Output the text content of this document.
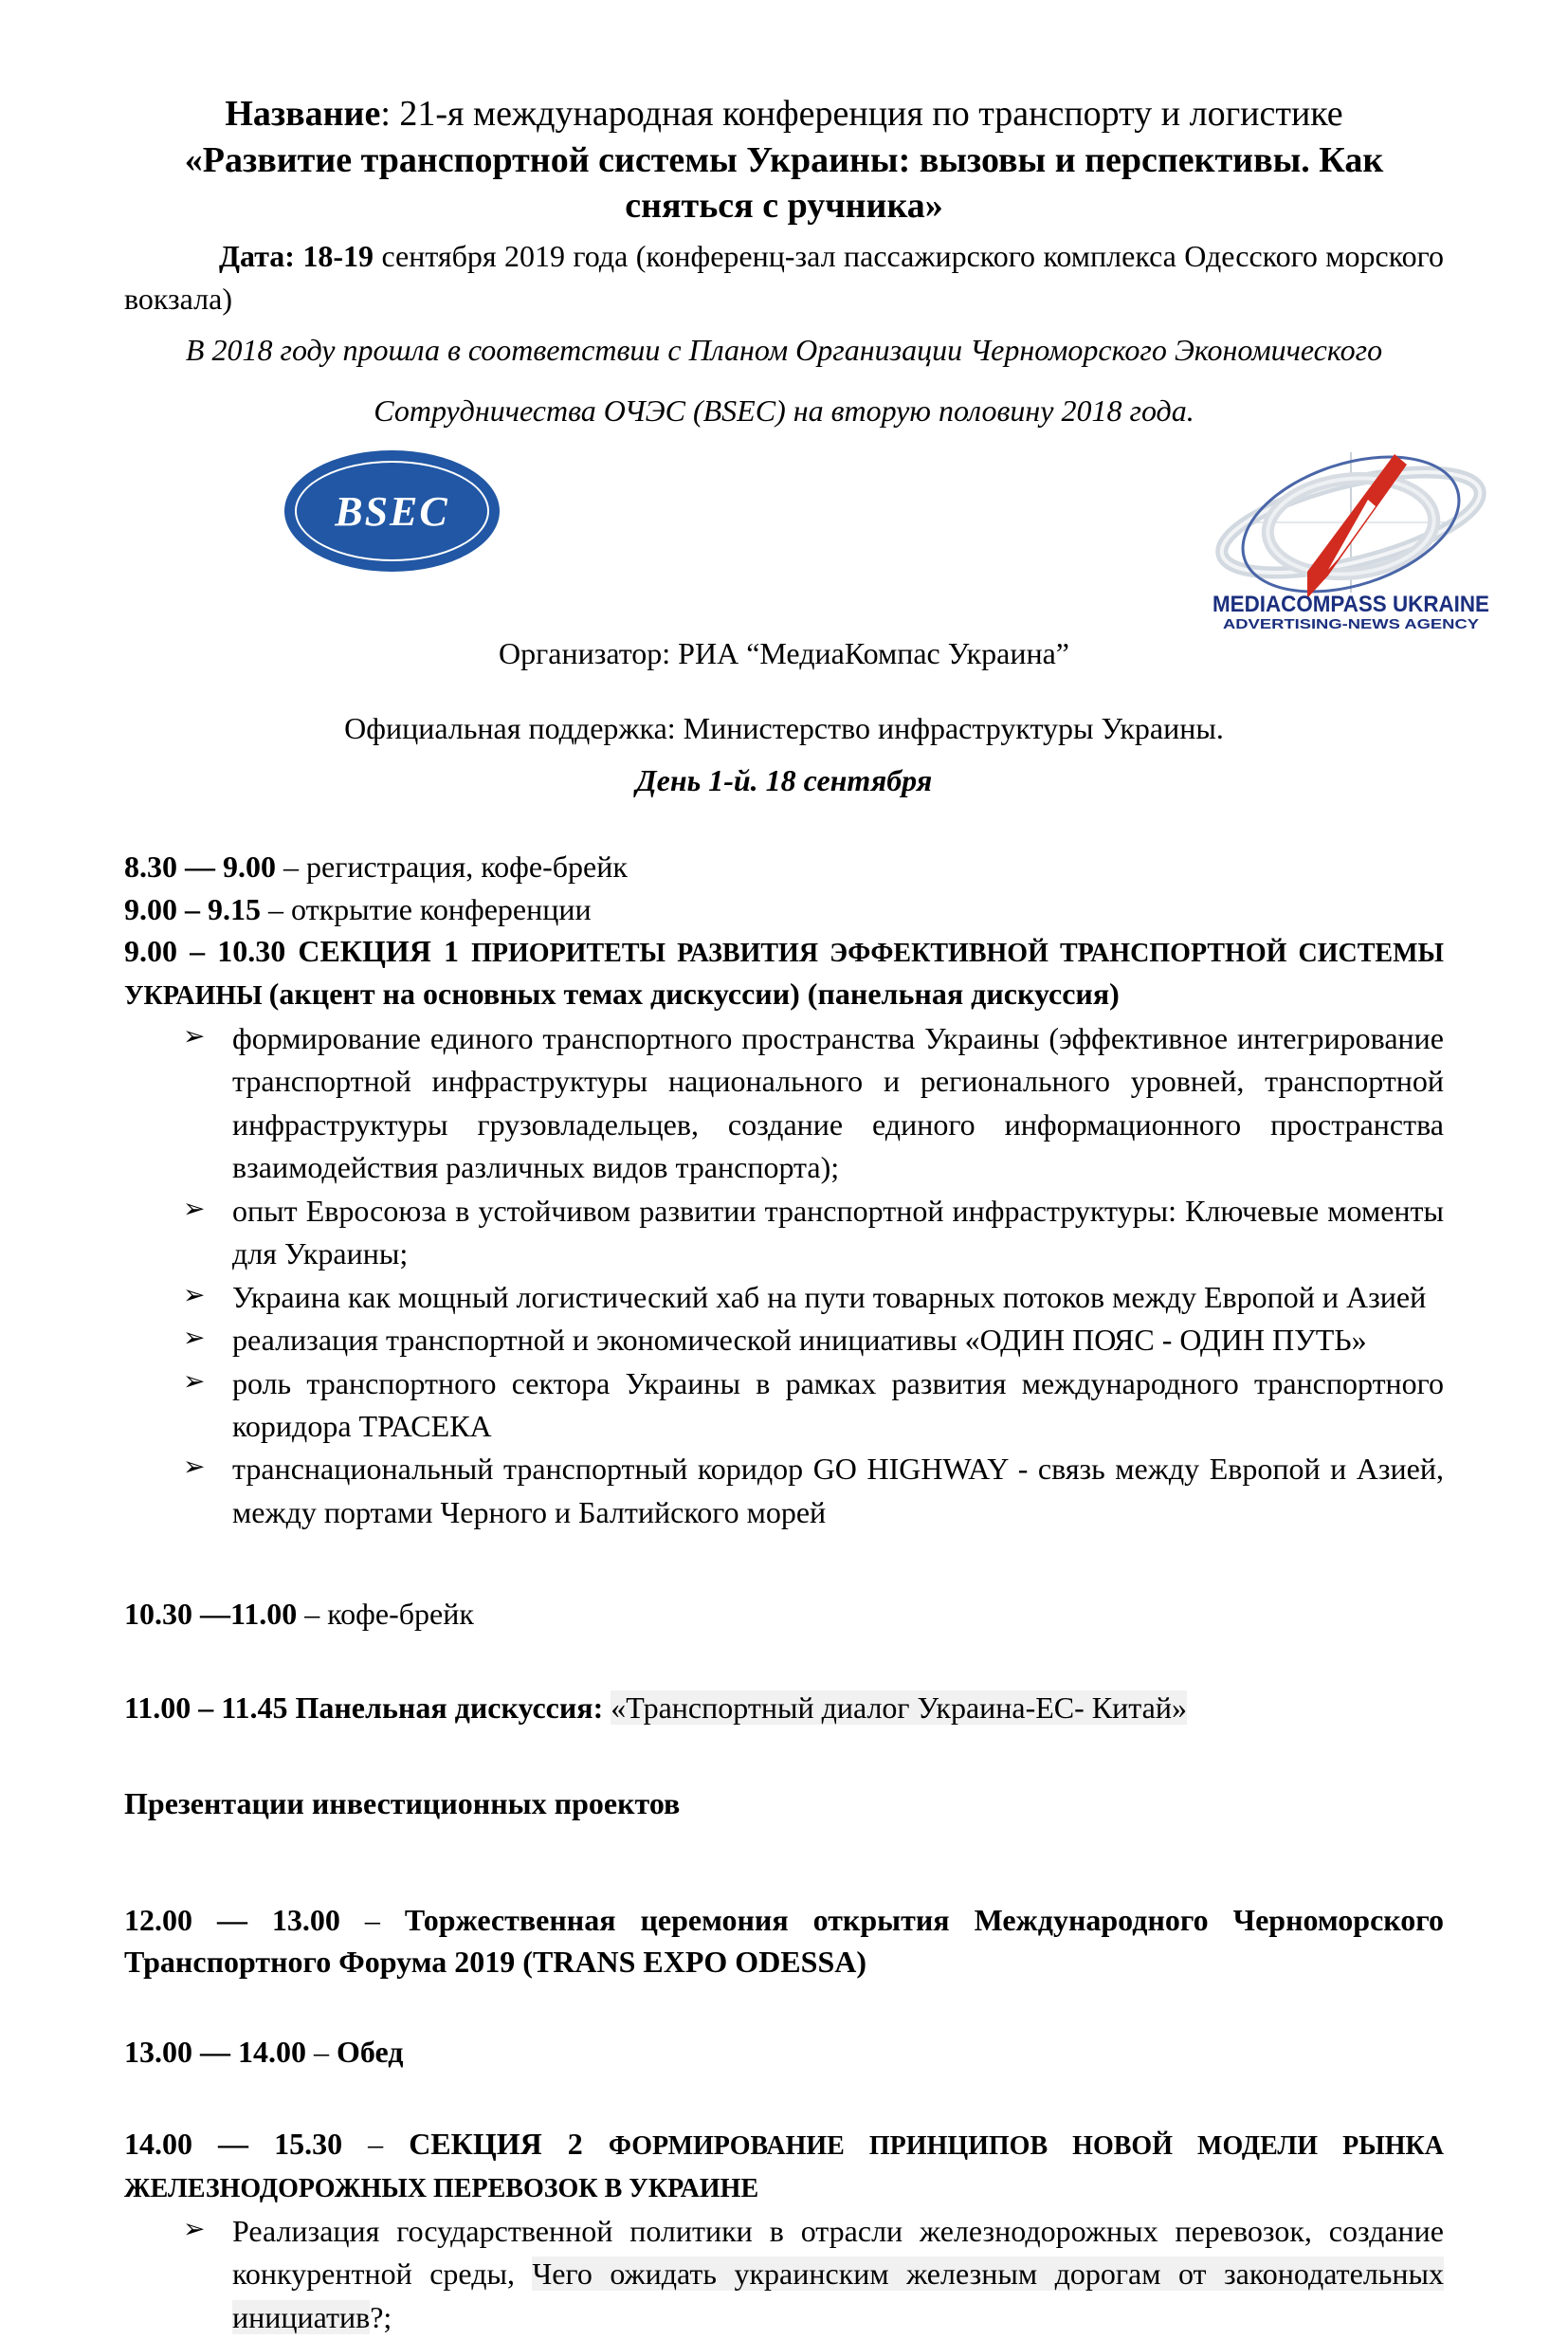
Название: 21-я международная конференция по транспорту и логистике
«Развитие транспортной системы Украины: вызовы и перспективы. Как сняться с ручника»
Дата: 18-19 сентября 2019 года (конференц-зал пассажирского комплекса Одесского морского вокзала)
В 2018 году прошла в соответствии с Планом Организации Черноморского Экономического
Сотрудничества ОЧЭС (BSEC) на вторую половину 2018 года.
BSEC
MEDIACOMPASS UKRAINE
ADVERTISING-NEWS AGENCY
Организатор: РИА “МедиаКомпас Украина”
Официальная поддержка: Министерство инфраструктуры Украины.
День 1-й. 18 сентября

8.30 — 9.00 – регистрация, кофе-брейк

9.00 – 9.15 – открытие конференции

9.00 – 10.30 СЕКЦИЯ 1 ПРИОРИТЕТЫ РАЗВИТИЯ ЭФФЕКТИВНОЙ ТРАНСПОРТНОЙ СИСТЕМЫ УКРАИНЫ (акцент на основных темах дискуссии) (панельная дискуссия)

➢ формирование единого транспортного пространства Украины (эффективное интегрирование транспортной инфраструктуры национального и регионального уровней, транспортной инфраструктуры грузовладельцев, создание единого информационного пространства взаимодействия различных видов транспорта);
➢ опыт Евросоюза в устойчивом развитии транспортной инфраструктуры: Ключевые моменты для Украины;
➢ Украина как мощный логистический хаб на пути товарных потоков между Европой и Азией
➢ реализация транспортной и экономической инициативы «ОДИН ПОЯС - ОДИН ПУТЬ»
➢ роль транспортного сектора Украины в рамках развития международного транспортного коридора ТРАСЕКА
➢ транснациональный транспортный коридор GO HIGHWAY - связь между Европой и Азией, между портами Черного и Балтийского морей

10.30 —11.00 – кофе-брейк

11.00 – 11.45 Панельная дискуссия: «Транспортный диалог Украина-ЕС- Китай»

Презентации инвестиционных проектов

12.00 — 13.00 – Торжественная церемония открытия Международного Черноморского Транспортного Форума 2019 (TRANS EXPO ODESSA)

13.00 — 14.00 – Обед

14.00 — 15.30 – СЕКЦИЯ 2 ФОРМИРОВАНИЕ ПРИНЦИПОВ НОВОЙ МОДЕЛИ РЫНКА ЖЕЛЕЗНОДОРОЖНЫХ ПЕРЕВОЗОК В УКРАИНЕ

➢ Реализация государственной политики в отрасли железнодорожных перевозок, создание конкурентной среды, Чего ожидать украинским железным дорогам от законодательных инициатив?;
